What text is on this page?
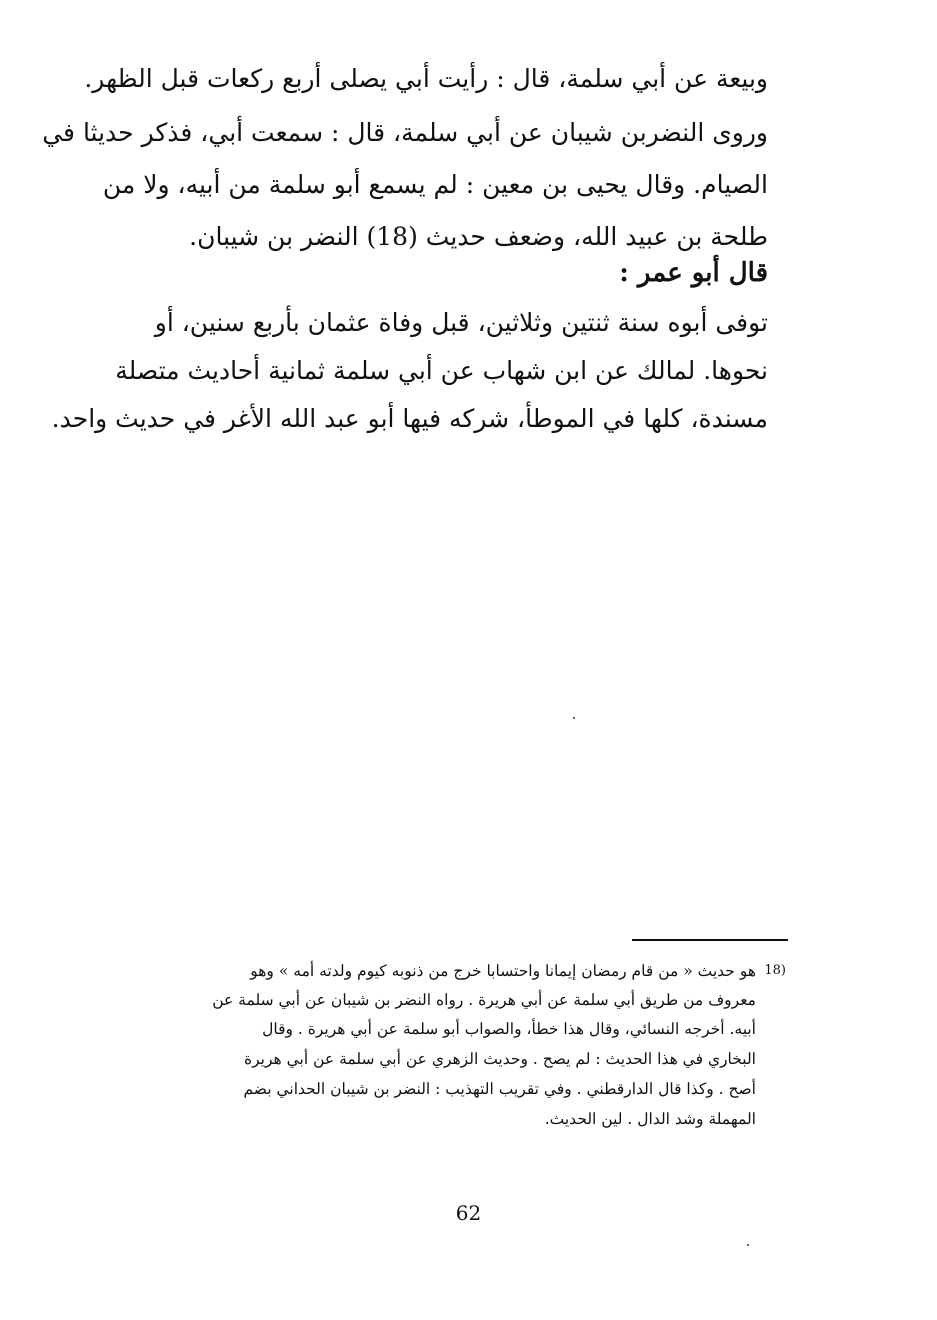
وبيعة عن أبي سلمة، قال : رأيت أبي يصلى أربع ركعات قبل الظهر.
وروى النضربن شيبان عن أبي سلمة، قال : سمعت أبي، فذكر حديثا في
الصيام. وقال يحيى بن معين : لم يسمع أبو سلمة من أبيه، ولا من
طلحة بن عبيد الله، وضعف حديث (18) النضر بن شيبان.
قال أبو عمر :
توفى أبوه سنة ثنتين وثلاثين، قبل وفاة عثمان بأربع سنين، أو
نحوها. لمالك عن ابن شهاب عن أبي سلمة ثمانية أحاديث متصلة
مسندة، كلها في الموطأ، شركه فيها أبو عبد الله الأغر في حديث واحد.
(18
هو حديث « من قام رمضان إيمانا واحتسابا خرج من ذنوبه كيوم ولدته أمه » وهو
معروف من طريق أبي سلمة عن أبي هريرة . رواه النضر بن شيبان عن أبي سلمة عن
أبيه. أخرجه النسائي، وقال هذا خطأ، والصواب أبو سلمة عن أبي هريرة . وقال
البخاري في هذا الحديث : لم يصح . وحديث الزهري عن أبي سلمة عن أبي هريرة
أصح . وكذا قال الدارقطني . وفي تقريب التهذيب : النضر بن شيبان الحداني بضم
المهملة وشد الدال . لين الحديث.
62
